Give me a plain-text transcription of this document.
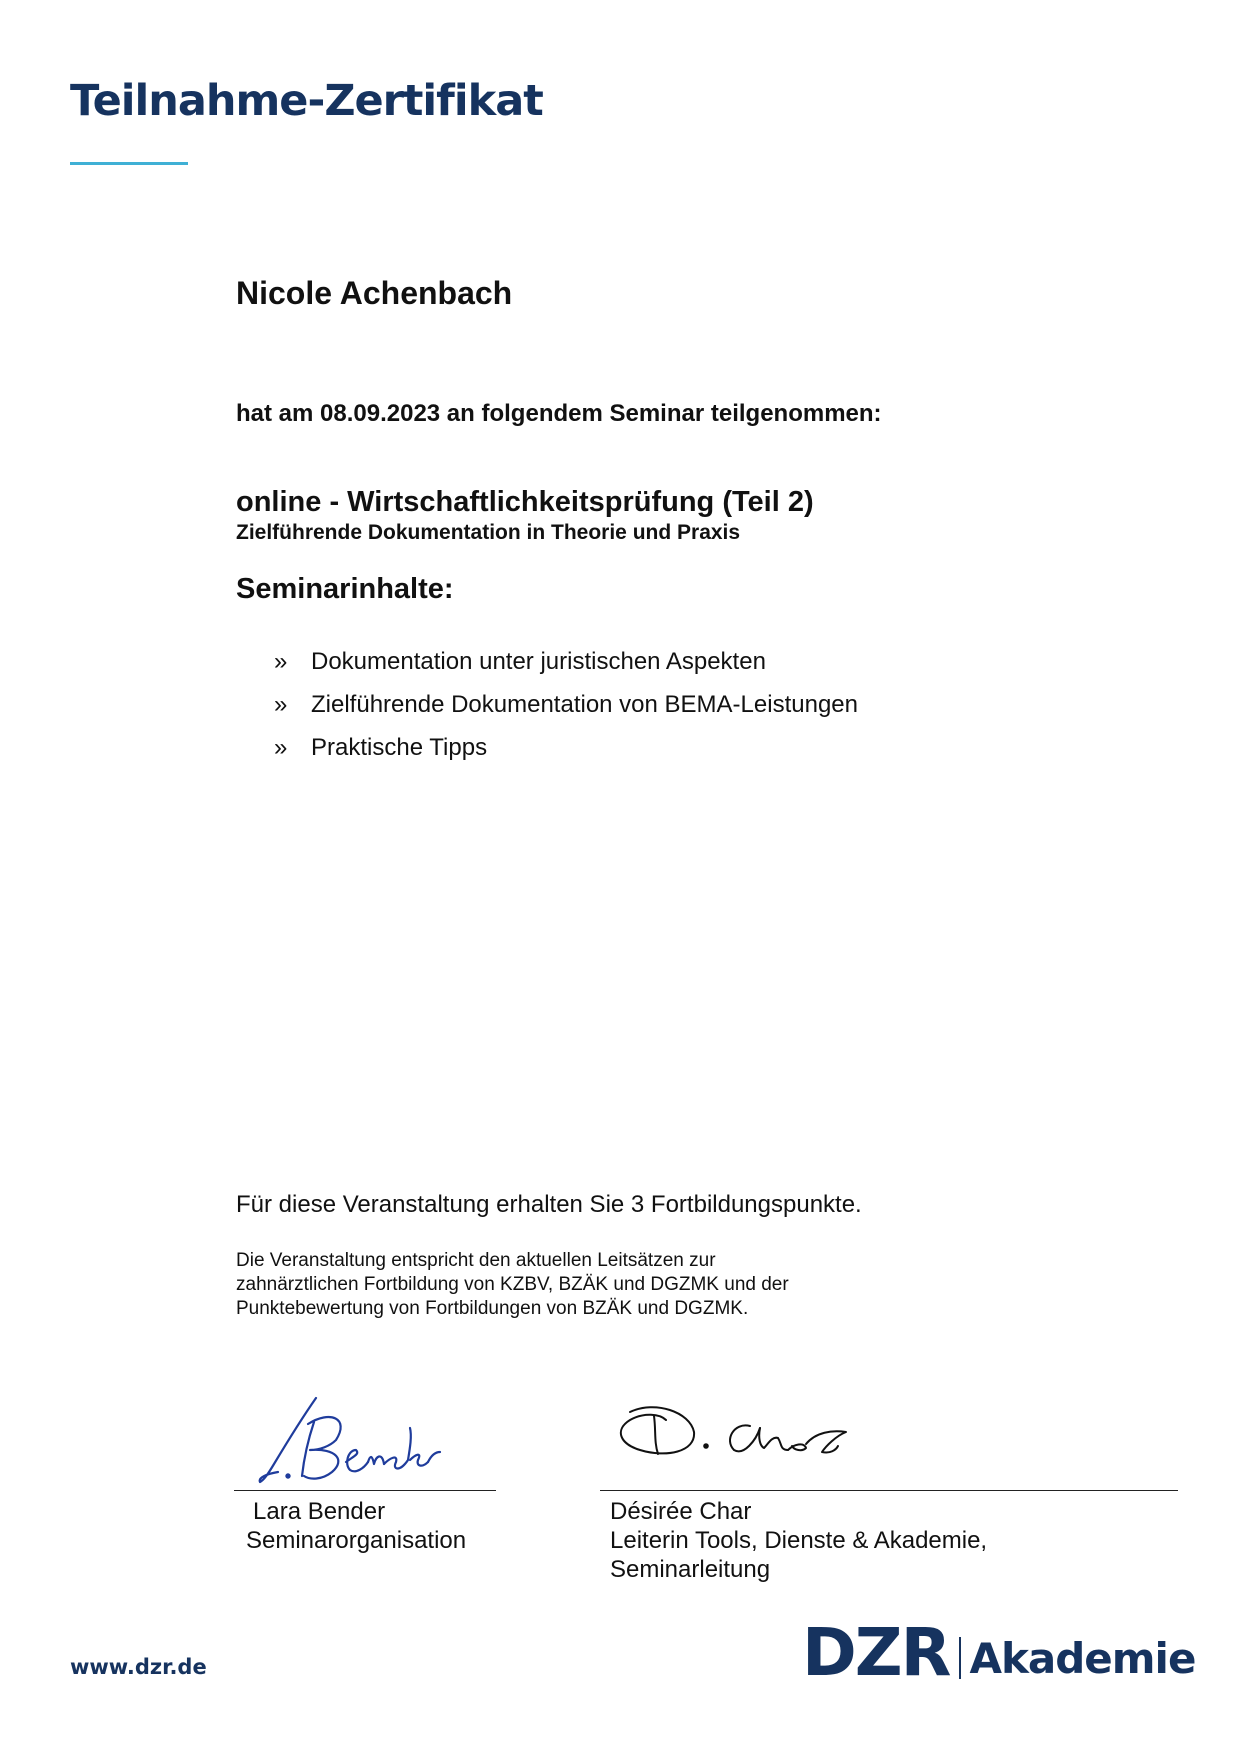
Teilnahme-Zertifikat
Nicole Achenbach
hat am 08.09.2023 an folgendem Seminar teilgenommen:
online - Wirtschaftlichkeitsprüfung (Teil 2)
Zielführende Dokumentation in Theorie und Praxis
Seminarinhalte:
» Dokumentation unter juristischen Aspekten
» Zielführende Dokumentation von BEMA-Leistungen
» Praktische Tipps
Für diese Veranstaltung erhalten Sie 3 Fortbildungspunkte.
Die Veranstaltung entspricht den aktuellen Leitsätzen zur
zahnärztlichen Fortbildung von KZBV, BZÄK und DGZMK und der
Punktebewertung von Fortbildungen von BZÄK und DGZMK.
Lara Bender
Seminarorganisation
Désirée Char
Leiterin Tools, Dienste & Akademie,
Seminarleitung
www.dzr.de	DZR Akademie
